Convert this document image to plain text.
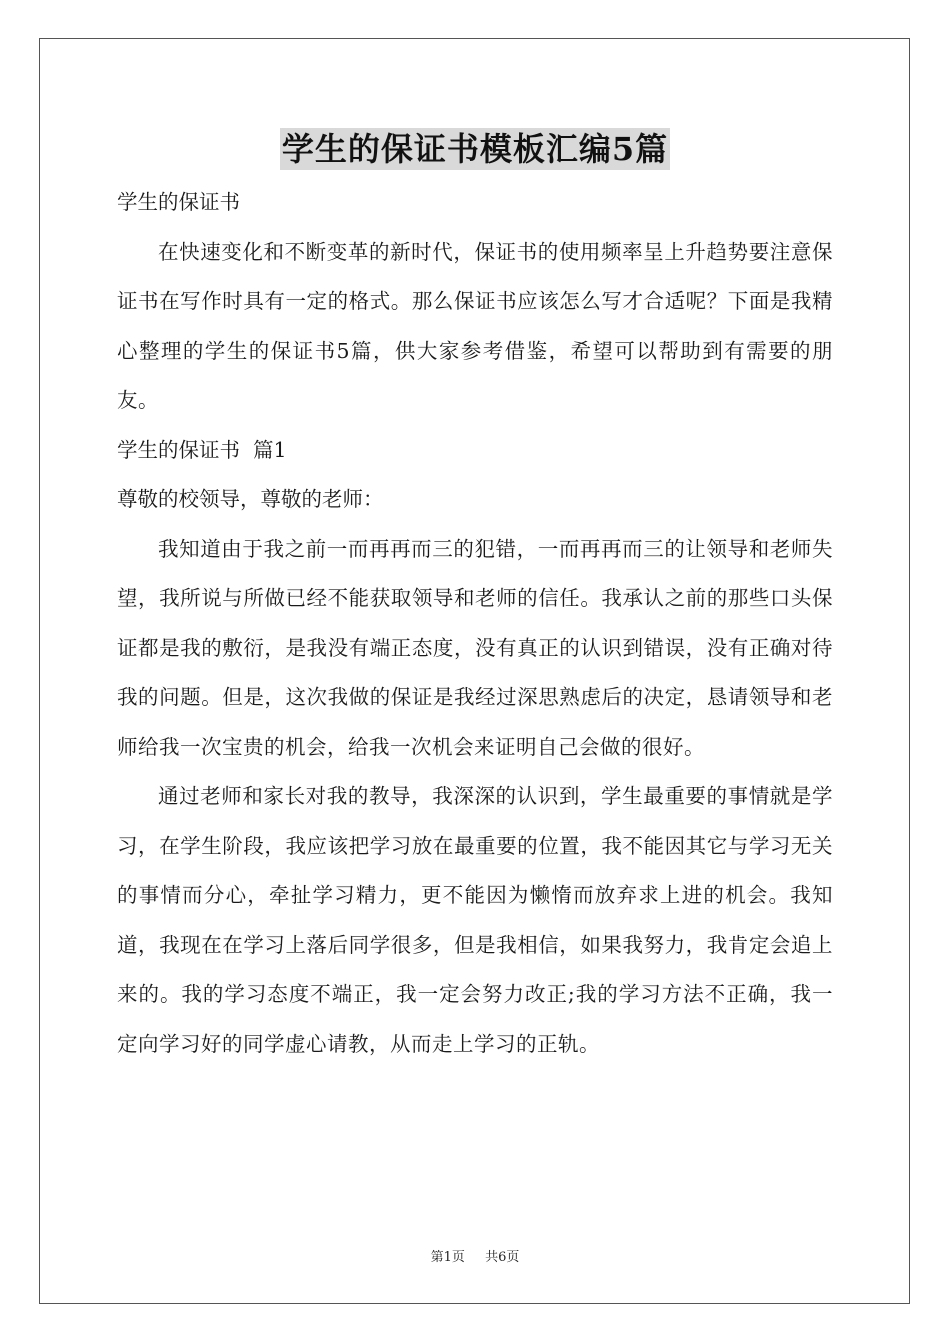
学生的保证书模板汇编5篇
学生的保证书
在快速变化和不断变革的新时代，保证书的使用频率呈上升趋势要注意保证书在写作时具有一定的格式。那么保证书应该怎么写才合适呢？下面是我精心整理的学生的保证书5篇，供大家参考借鉴，希望可以帮助到有需要的朋友。
学生的保证书  篇1
尊敬的校领导，尊敬的老师：
我知道由于我之前一而再再而三的犯错，一而再再而三的让领导和老师失望，我所说与所做已经不能获取领导和老师的信任。我承认之前的那些口头保证都是我的敷衍，是我没有端正态度，没有真正的认识到错误，没有正确对待我的问题。但是，这次我做的保证是我经过深思熟虑后的决定，恳请领导和老师给我一次宝贵的机会，给我一次机会来证明自己会做的很好。
通过老师和家长对我的教导，我深深的认识到，学生最重要的事情就是学习，在学生阶段，我应该把学习放在最重要的位置，我不能因其它与学习无关的事情而分心，牵扯学习精力，更不能因为懒惰而放弃求上进的机会。我知道，我现在在学习上落后同学很多，但是我相信，如果我努力，我肯定会追上来的。我的学习态度不端正，我一定会努力改正;我的学习方法不正确，我一定向学习好的同学虚心请教，从而走上学习的正轨。
第1页 共6页
